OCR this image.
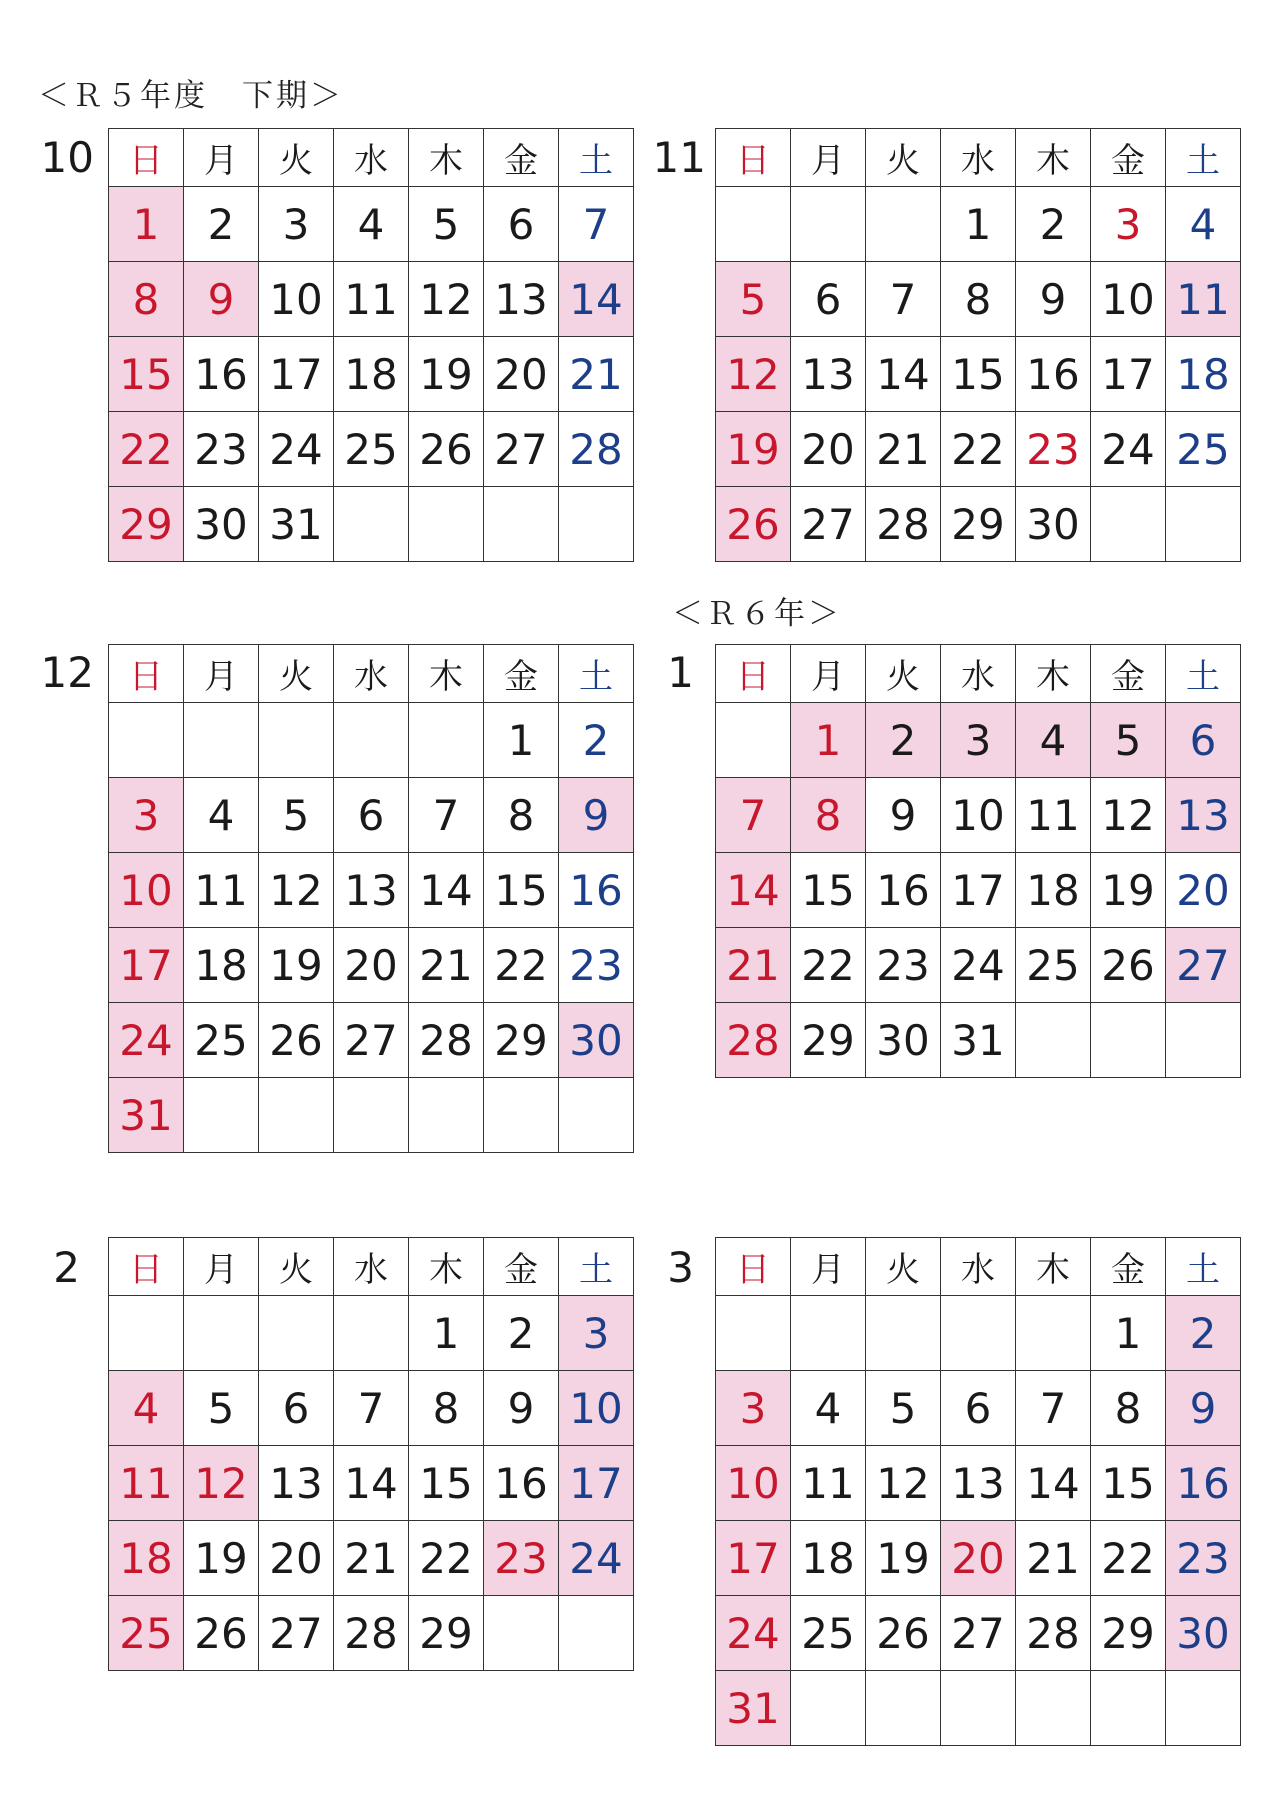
＜Ｒ５年度　下期＞
＜Ｒ６年＞
10 日	月	火	水	木	金	土
1	2	3	4	5	6	7
8	9	10	11	12	13	14
15	16	17	18	19	20	21
22	23	24	25	26	27	28
29	30	31				
11 日	月	火	水	木	金	土
			1	2	3	4
5	6	7	8	9	10	11
12	13	14	15	16	17	18
19	20	21	22	23	24	25
26	27	28	29	30		
12 日	月	火	水	木	金	土
					1	2
3	4	5	6	7	8	9
10	11	12	13	14	15	16
17	18	19	20	21	22	23
24	25	26	27	28	29	30
31						
1 日	月	火	水	木	金	土
	1	2	3	4	5	6
7	8	9	10	11	12	13
14	15	16	17	18	19	20
21	22	23	24	25	26	27
28	29	30	31			
2 日	月	火	水	木	金	土
				1	2	3
4	5	6	7	8	9	10
11	12	13	14	15	16	17
18	19	20	21	22	23	24
25	26	27	28	29		
3 日	月	火	水	木	金	土
					1	2
3	4	5	6	7	8	9
10	11	12	13	14	15	16
17	18	19	20	21	22	23
24	25	26	27	28	29	30
31						
